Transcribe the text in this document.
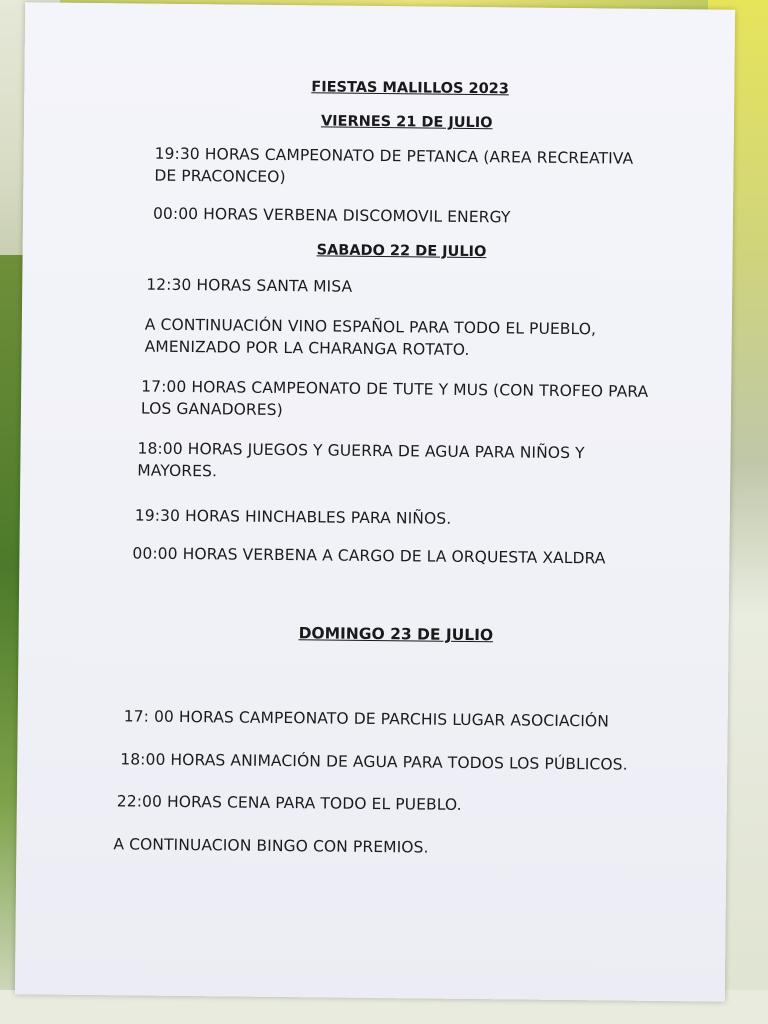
FIESTAS MALILLOS 2023
VIERNES 21 DE JULIO
19:30 HORAS CAMPEONATO DE PETANCA (AREA RECREATIVA DE PRACONCEO)
00:00 HORAS VERBENA DISCOMOVIL ENERGY
SABADO 22 DE JULIO
12:30 HORAS SANTA MISA
A CONTINUACIÓN VINO ESPAÑOL PARA TODO EL PUEBLO, AMENIZADO POR LA CHARANGA ROTATO.
17:00 HORAS CAMPEONATO DE TUTE Y MUS (CON TROFEO PARA LOS GANADORES)
18:00 HORAS JUEGOS Y GUERRA DE AGUA PARA NIÑOS Y MAYORES.
19:30 HORAS HINCHABLES PARA NIÑOS.
00:00 HORAS VERBENA A CARGO DE LA ORQUESTA XALDRA
DOMINGO 23 DE JULIO
17: 00 HORAS CAMPEONATO DE PARCHIS LUGAR ASOCIACIÓN
18:00 HORAS ANIMACIÓN DE AGUA PARA TODOS LOS PÚBLICOS.
22:00 HORAS CENA PARA TODO EL PUEBLO.
A CONTINUACION BINGO CON PREMIOS.
